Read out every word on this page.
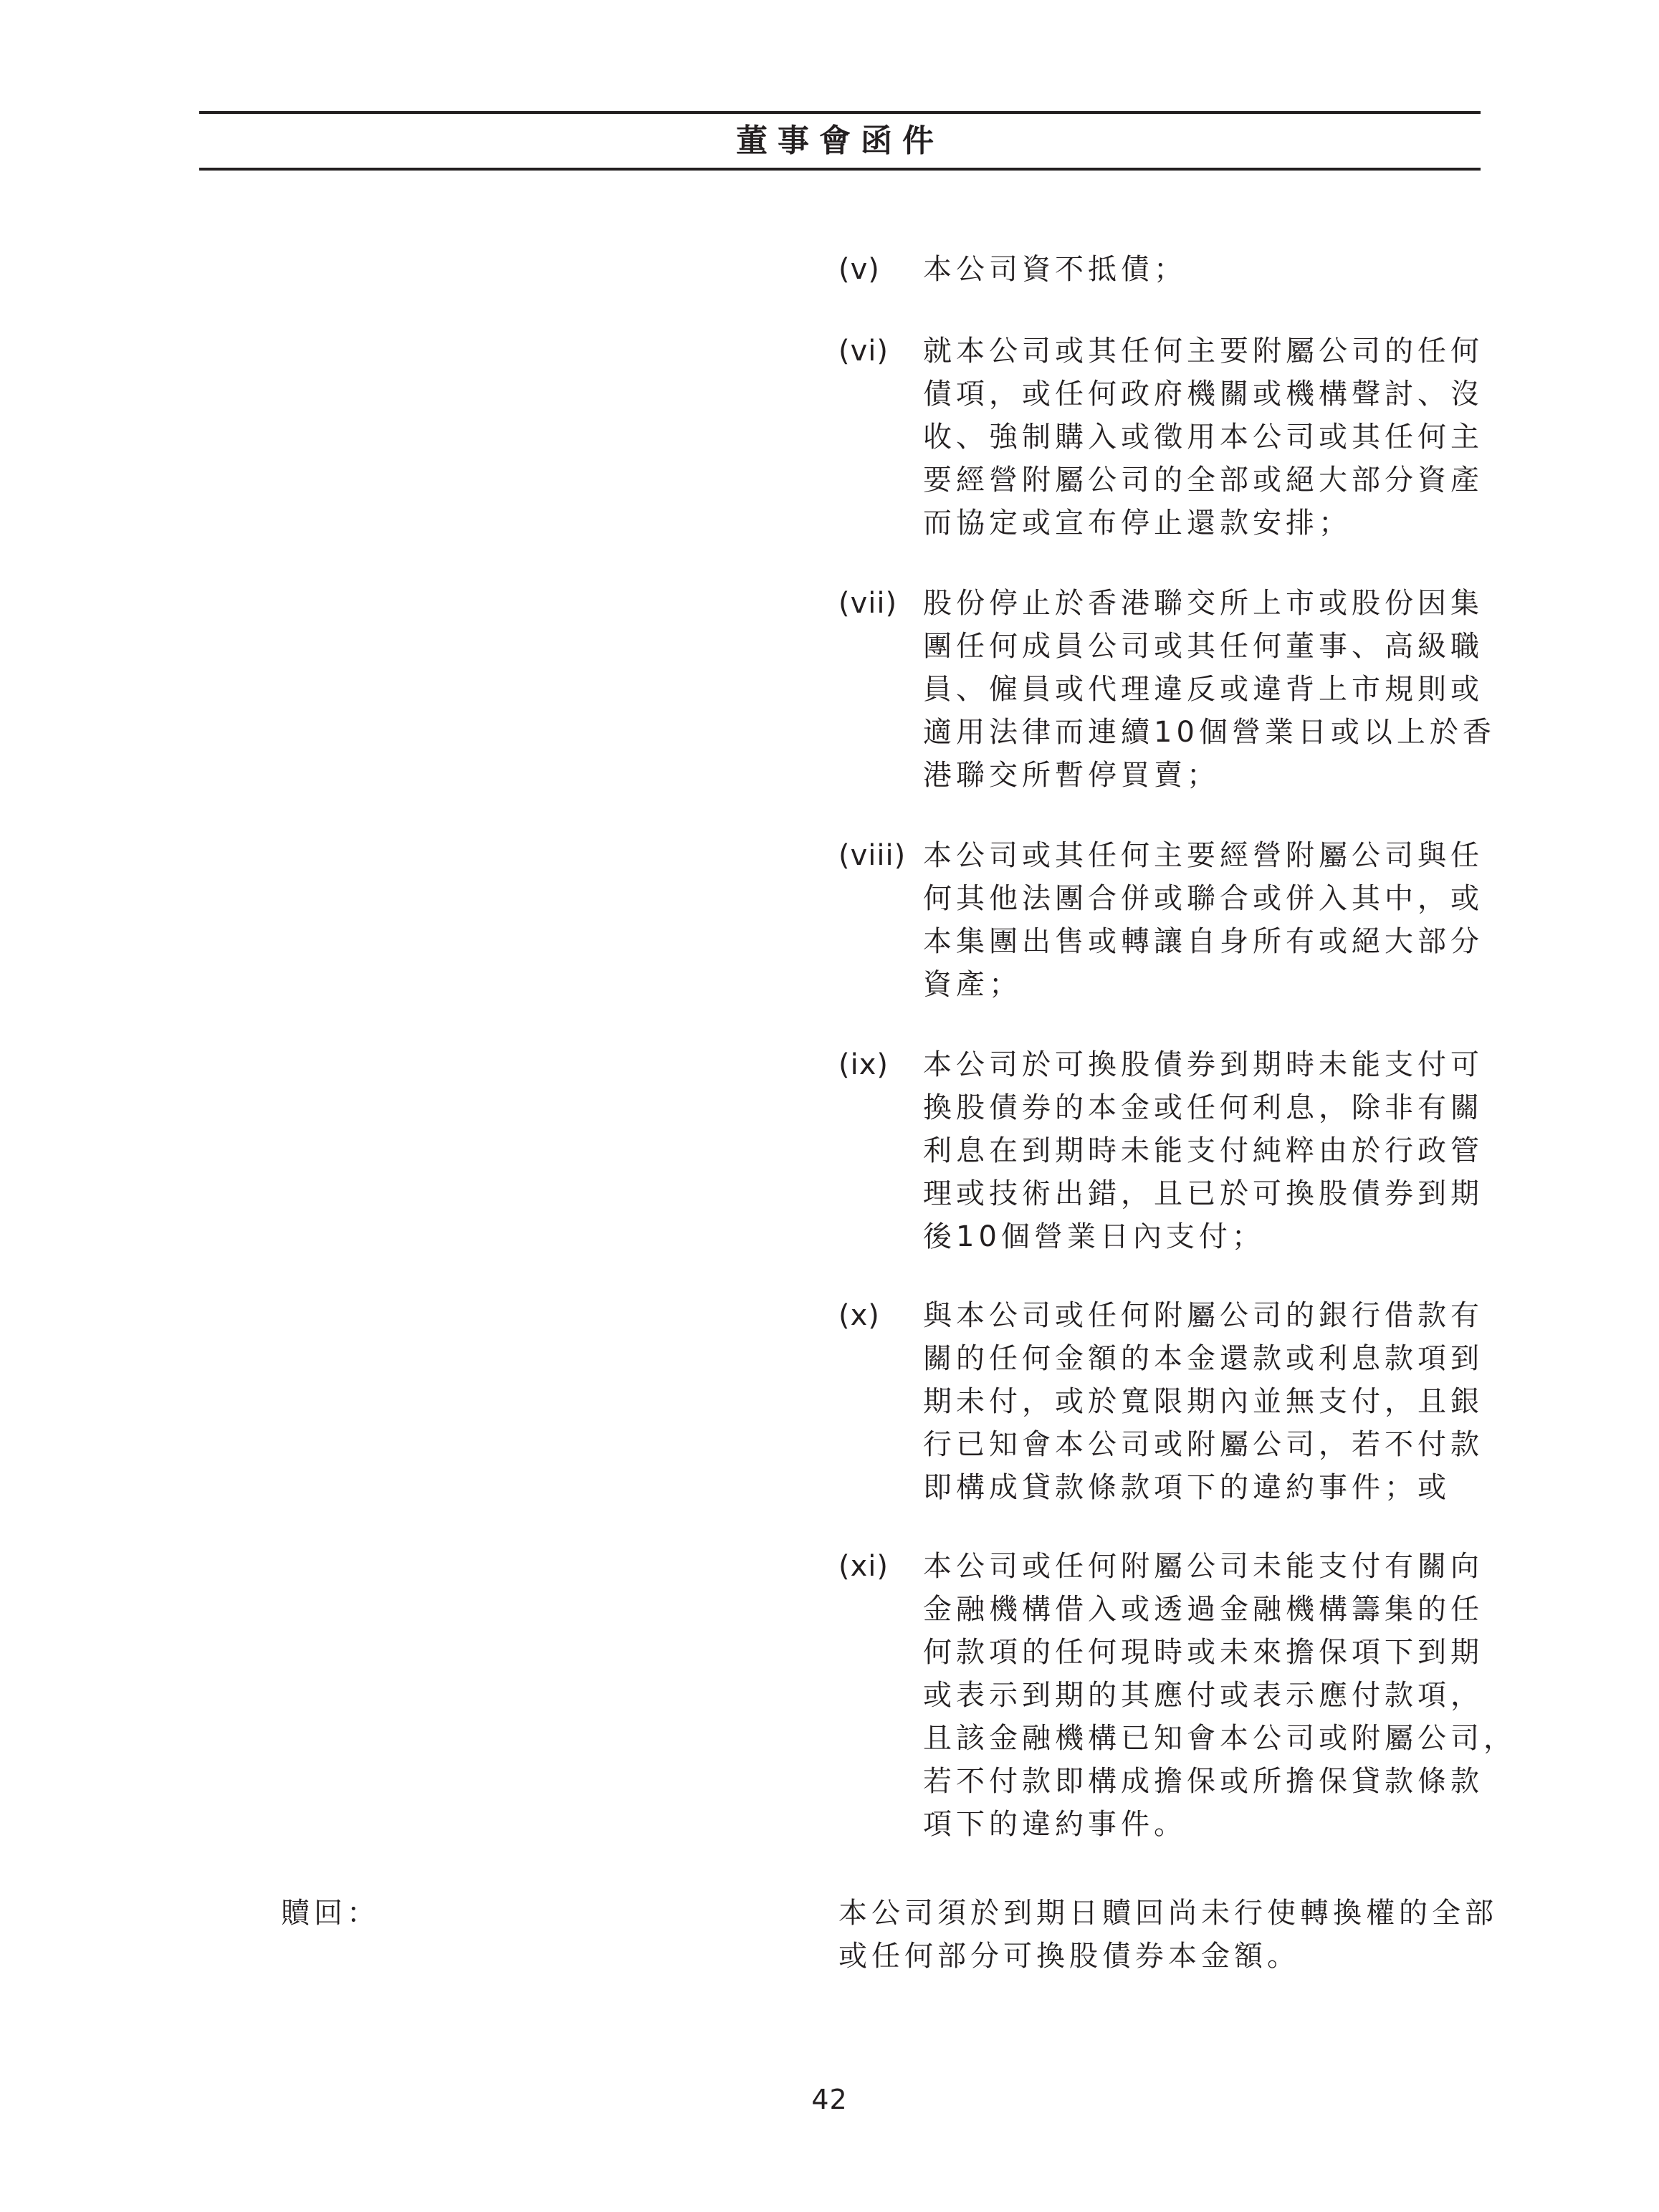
董事會函件
(v) 本公司資不抵債；
(vi) 就本公司或其任何主要附屬公司的任何
債項，或任何政府機關或機構聲討、沒
收、強制購入或徵用本公司或其任何主
要經營附屬公司的全部或絕大部分資產
而協定或宣布停止還款安排；
(vii) 股份停止於香港聯交所上市或股份因集
團任何成員公司或其任何董事、高級職
員、僱員或代理違反或違背上市規則或
適用法律而連續10個營業日或以上於香
港聯交所暫停買賣；
(viii) 本公司或其任何主要經營附屬公司與任
何其他法團合併或聯合或併入其中，或
本集團出售或轉讓自身所有或絕大部分
資產；
(ix) 本公司於可換股債券到期時未能支付可
換股債券的本金或任何利息，除非有關
利息在到期時未能支付純粹由於行政管
理或技術出錯，且已於可換股債券到期
後10個營業日內支付；
(x) 與本公司或任何附屬公司的銀行借款有
關的任何金額的本金還款或利息款項到
期未付，或於寬限期內並無支付，且銀
行已知會本公司或附屬公司，若不付款
即構成貸款條款項下的違約事件；或
(xi) 本公司或任何附屬公司未能支付有關向
金融機構借入或透過金融機構籌集的任
何款項的任何現時或未來擔保項下到期
或表示到期的其應付或表示應付款項，
且該金融機構已知會本公司或附屬公司，
若不付款即構成擔保或所擔保貸款條款
項下的違約事件。
贖回：	本公司須於到期日贖回尚未行使轉換權的全部
或任何部分可換股債券本金額。
42
